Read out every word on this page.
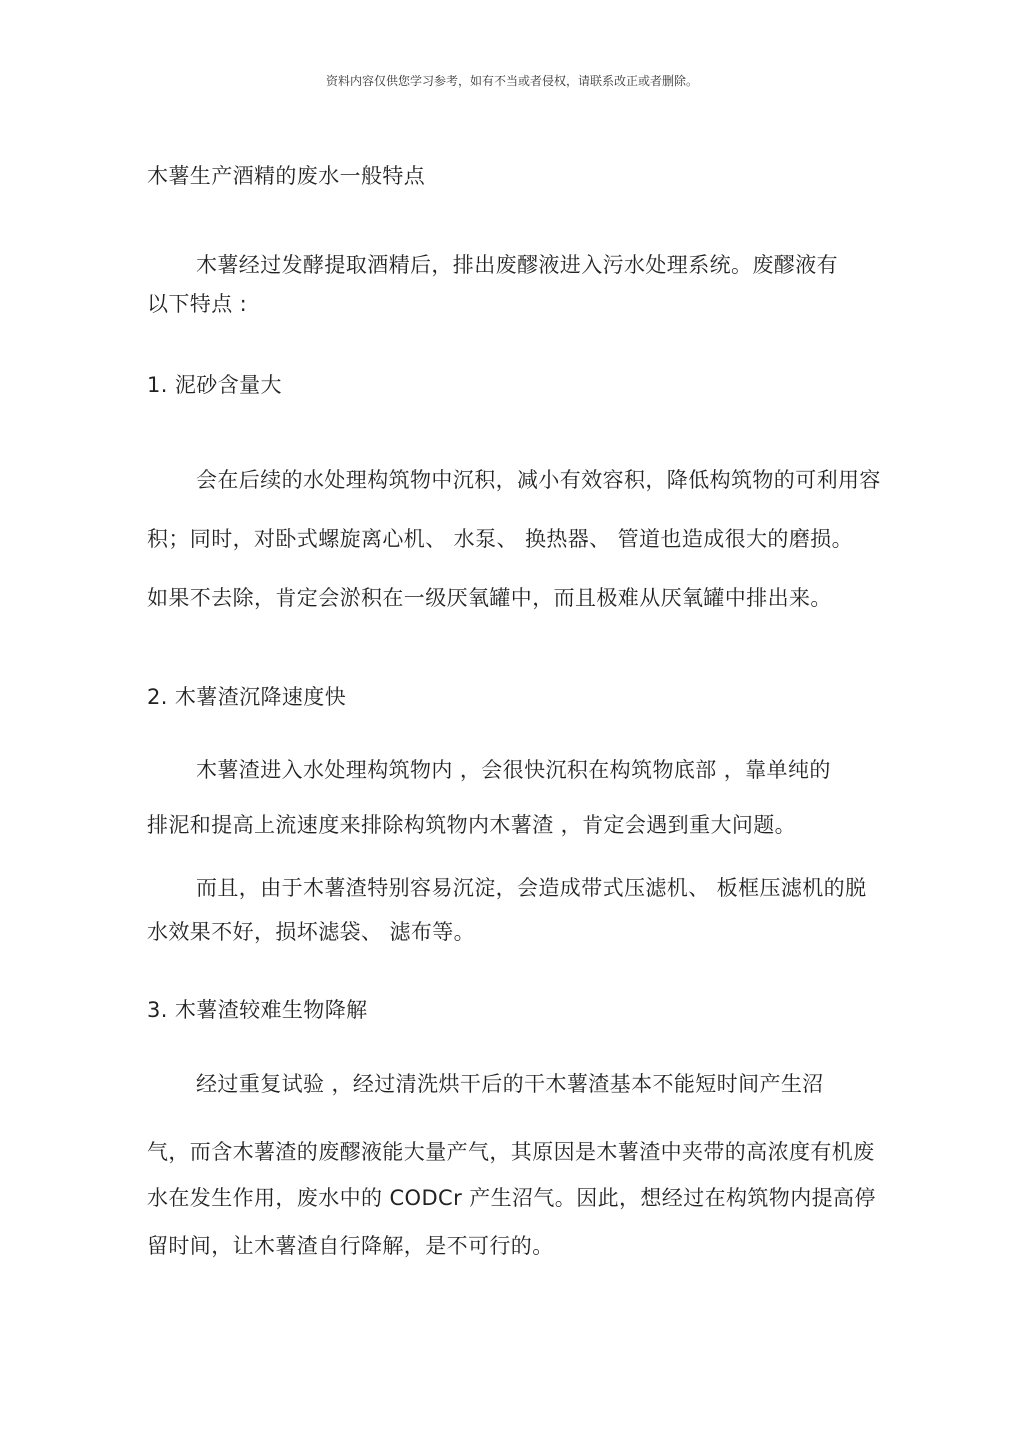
资料内容仅供您学习参考，如有不当或者侵权，请联系改正或者删除。

木薯生产酒精的废水一般特点

木薯经过发酵提取酒精后，排出废醪液进入污水处理系统。废醪液有

以下特点 :

1. 泥砂含量大

会在后续的水处理构筑物中沉积，减小有效容积，降低构筑物的可利用容

积；同时，对卧式螺旋离心机、 水泵、 换热器、 管道也造成很大的磨损。

如果不去除，肯定会淤积在一级厌氧罐中，而且极难从厌氧罐中排出来。

2. 木薯渣沉降速度快

木薯渣进入水处理构筑物内 ，会很快沉积在构筑物底部 ，靠单纯的

排泥和提高上流速度来排除构筑物内木薯渣 ，肯定会遇到重大问题。

而且，由于木薯渣特别容易沉淀，会造成带式压滤机、 板框压滤机的脱

水效果不好，损坏滤袋、 滤布等。

3. 木薯渣较难生物降解

经过重复试验 ，经过清洗烘干后的干木薯渣基本不能短时间产生沼

气，而含木薯渣的废醪液能大量产气，其原因是木薯渣中夹带的高浓度有机废

水在发生作用，废水中的 CODCr 产生沼气。因此，想经过在构筑物内提高停

留时间，让木薯渣自行降解，是不可行的。
